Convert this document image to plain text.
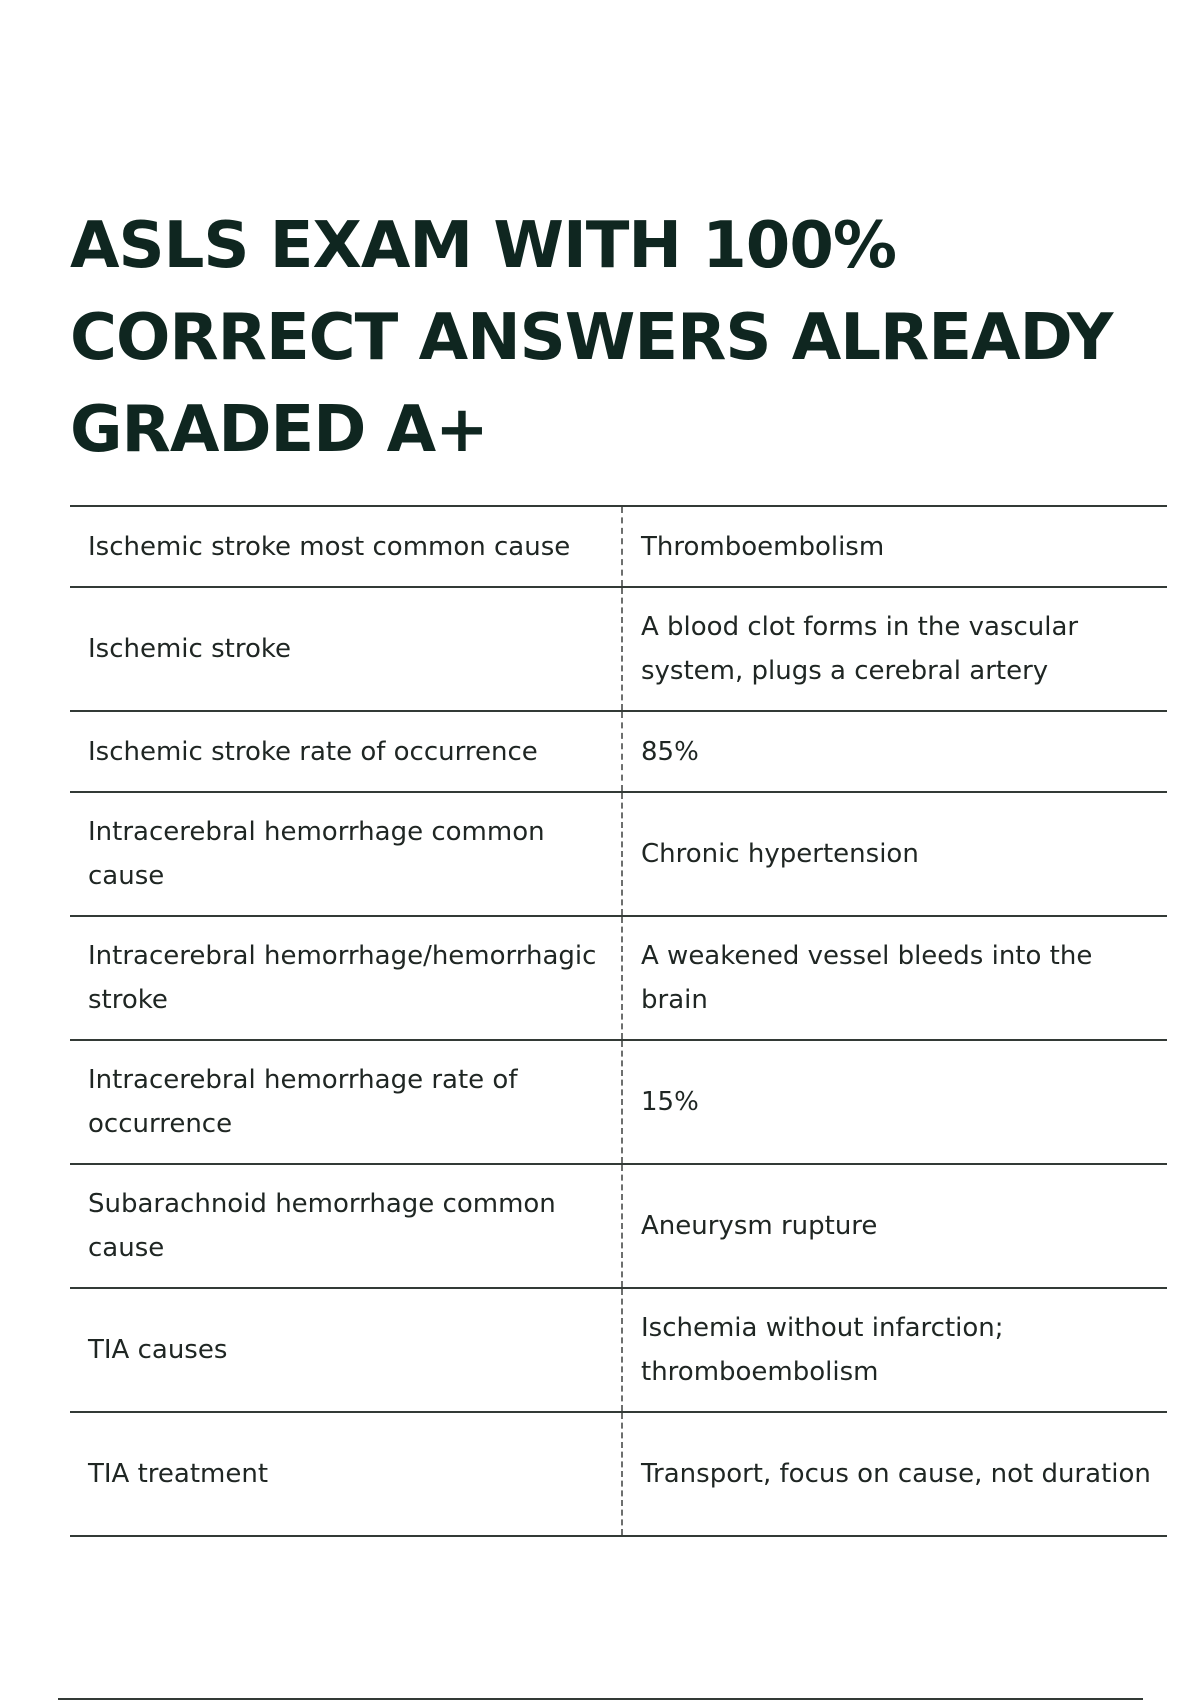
ASLS EXAM WITH 100%
CORRECT ANSWERS ALREADY
GRADED A+
Ischemic stroke most common cause	Thromboembolism
Ischemic stroke	A blood clot forms in the vascular system, plugs a cerebral artery
Ischemic stroke rate of occurrence	85%
Intracerebral hemorrhage common cause	Chronic hypertension
Intracerebral hemorrhage/hemorrhagic stroke	A weakened vessel bleeds into the brain
Intracerebral hemorrhage rate of occurrence	15%
Subarachnoid hemorrhage common cause	Aneurysm rupture
TIA causes	Ischemia without infarction; thromboembolism
TIA treatment	Transport, focus on cause, not duration
